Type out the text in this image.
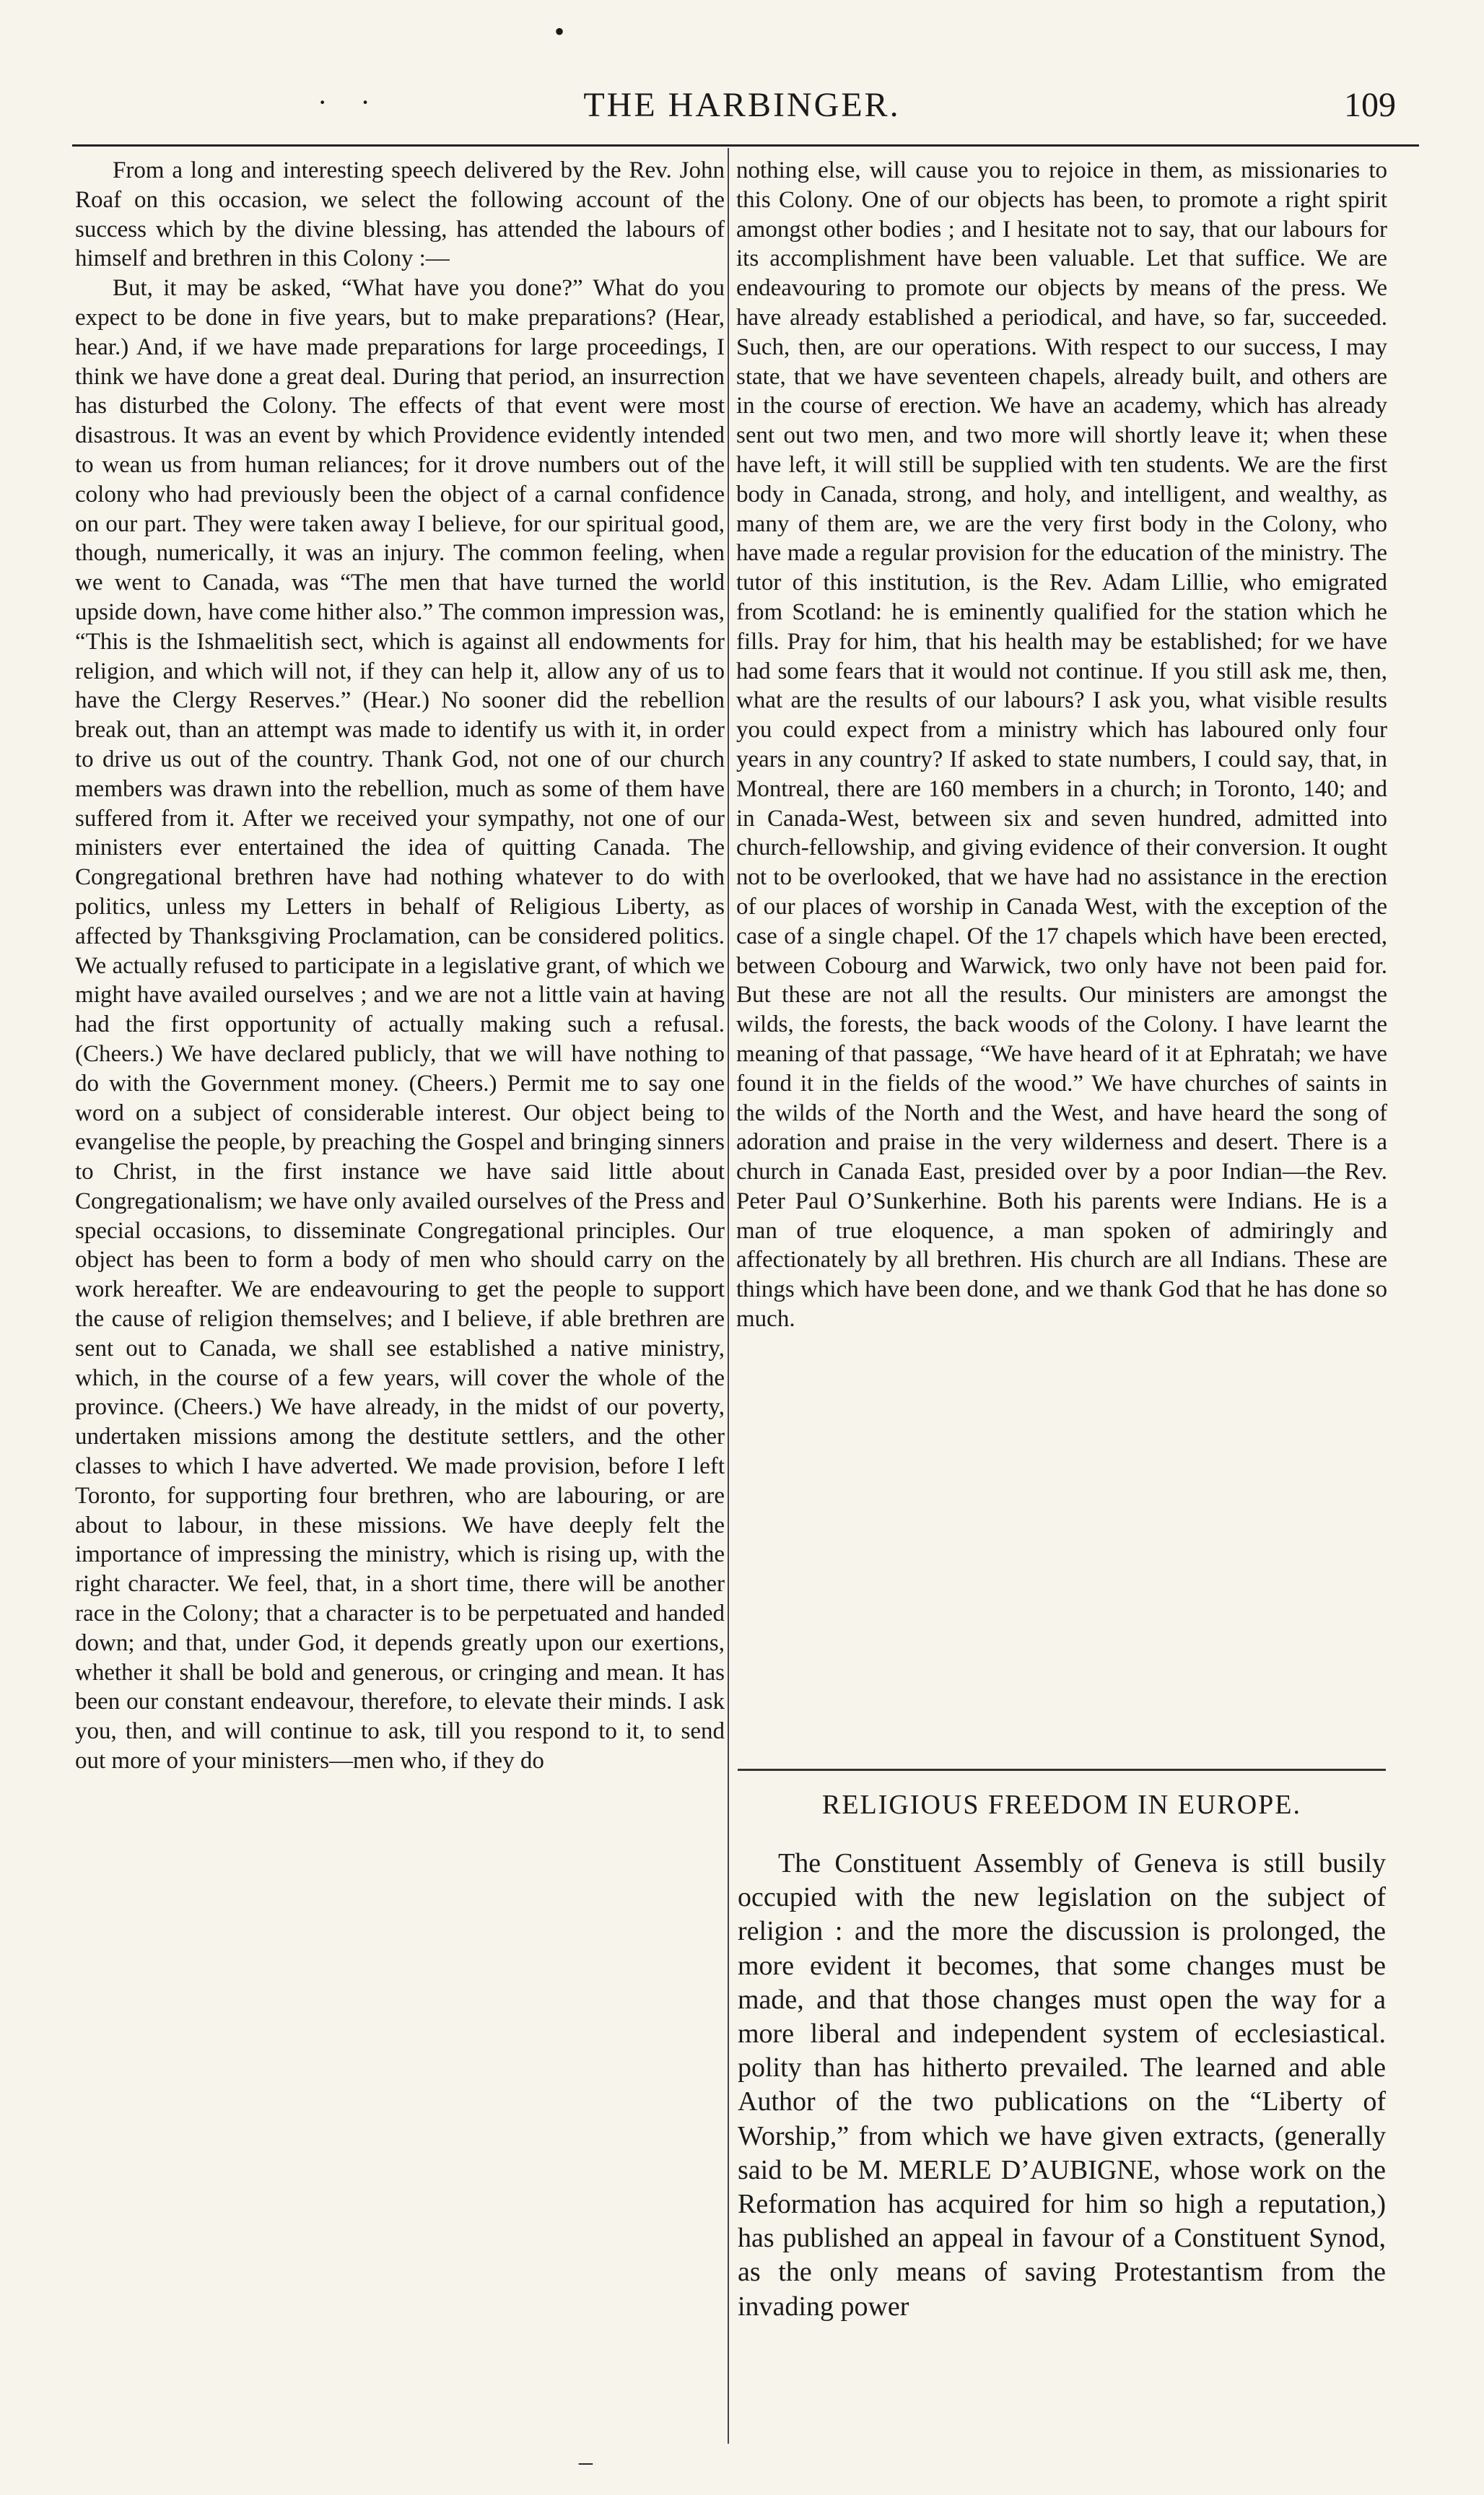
•
· ·	THE HARBINGER.	109

From a long and interesting speech delivered by the Rev. John Roaf on this occasion, we select the following account of the success which by the divine blessing, has attended the labours of himself and brethren in this Colony :—

But, it may be asked, “What have you done?” What do you expect to be done in five years, but to make preparations? (Hear, hear.) And, if we have made preparations for large proceedings, I think we have done a great deal. During that period, an insurrection has disturbed the Colony. The effects of that event were most disastrous. It was an event by which Providence evidently intended to wean us from human reliances; for it drove numbers out of the colony who had previously been the object of a carnal confidence on our part. They were taken away I believe, for our spiritual good, though, numerically, it was an injury. The common feeling, when we went to Canada, was “The men that have turned the world upside down, have come hither also.” The common impression was, “This is the Ishmaelitish sect, which is against all endowments for religion, and which will not, if they can help it, allow any of us to have the Clergy Reserves.” (Hear.) No sooner did the rebellion break out, than an attempt was made to identify us with it, in order to drive us out of the country. Thank God, not one of our church members was drawn into the rebellion, much as some of them have suffered from it. After we received your sympathy, not one of our ministers ever entertained the idea of quitting Canada. The Congregational brethren have had nothing whatever to do with politics, unless my Letters in behalf of Religious Liberty, as affected by Thanksgiving Proclamation, can be considered politics. We actually refused to participate in a legislative grant, of which we might have availed ourselves ; and we are not a little vain at having had the first opportunity of actually making such a refusal. (Cheers.) We have declared publicly, that we will have nothing to do with the Government money. (Cheers.) Permit me to say one word on a subject of considerable interest. Our object being to evangelise the people, by preaching the Gospel and bringing sinners to Christ, in the first instance we have said little about Congregationalism; we have only availed ourselves of the Press and special occasions, to disseminate Congregational principles. Our object has been to form a body of men who should carry on the work hereafter. We are endeavouring to get the people to support the cause of religion themselves; and I believe, if able brethren are sent out to Canada, we shall see established a native ministry, which, in the course of a few years, will cover the whole of the province. (Cheers.) We have already, in the midst of our poverty, undertaken missions among the destitute settlers, and the other classes to which I have adverted. We made provision, before I left Toronto, for supporting four brethren, who are labouring, or are about to labour, in these missions. We have deeply felt the importance of impressing the ministry, which is rising up, with the right character. We feel, that, in a short time, there will be another race in the Colony; that a character is to be perpetuated and handed down; and that, under God, it depends greatly upon our exertions, whether it shall be bold and generous, or cringing and mean. It has been our constant endeavour, therefore, to elevate their minds. I ask you, then, and will continue to ask, till you respond to it, to send out more of your ministers—men who, if they do

nothing else, will cause you to rejoice in them, as missionaries to this Colony. One of our objects has been, to promote a right spirit amongst other bodies ; and I hesitate not to say, that our labours for its accomplishment have been valuable. Let that suffice. We are endeavouring to promote our objects by means of the press. We have already established a periodical, and have, so far, succeeded. Such, then, are our operations. With respect to our success, I may state, that we have seventeen chapels, already built, and others are in the course of erection. We have an academy, which has already sent out two men, and two more will shortly leave it; when these have left, it will still be supplied with ten students. We are the first body in Canada, strong, and holy, and intelligent, and wealthy, as many of them are, we are the very first body in the Colony, who have made a regular provision for the education of the ministry. The tutor of this institution, is the Rev. Adam Lillie, who emigrated from Scotland: he is eminently qualified for the station which he fills. Pray for him, that his health may be established; for we have had some fears that it would not continue. If you still ask me, then, what are the results of our labours? I ask you, what visible results you could expect from a ministry which has laboured only four years in any country? If asked to state numbers, I could say, that, in Montreal, there are 160 members in a church; in Toronto, 140; and in Canada-West, between six and seven hundred, admitted into church-fellowship, and giving evidence of their conversion. It ought not to be overlooked, that we have had no assistance in the erection of our places of worship in Canada West, with the exception of the case of a single chapel. Of the 17 chapels which have been erected, between Cobourg and Warwick, two only have not been paid for. But these are not all the results. Our ministers are amongst the wilds, the forests, the back woods of the Colony. I have learnt the meaning of that passage, “We have heard of it at Ephratah; we have found it in the fields of the wood.” We have churches of saints in the wilds of the North and the West, and have heard the song of adoration and praise in the very wilderness and desert. There is a church in Canada East, presided over by a poor Indian—the Rev. Peter Paul O’Sunkerhine. Both his parents were Indians. He is a man of true eloquence, a man spoken of admiringly and affectionately by all brethren. His church are all Indians. These are things which have been done, and we thank God that he has done so much.

RELIGIOUS FREEDOM IN EUROPE.

The Constituent Assembly of Geneva is still busily occupied with the new legislation on the subject of religion : and the more the discussion is prolonged, the more evident it becomes, that some changes must be made, and that those changes must open the way for a more liberal and independent system of ecclesiastical. polity than has hitherto prevailed. The learned and able Author of the two publications on the “Liberty of Worship,” from which we have given extracts, (generally said to be M. MERLE D’AUBIGNE, whose work on the Reformation has acquired for him so high a reputation,) has published an appeal in favour of a Constituent Synod, as the only means of saving Protestantism from the invading power

–
